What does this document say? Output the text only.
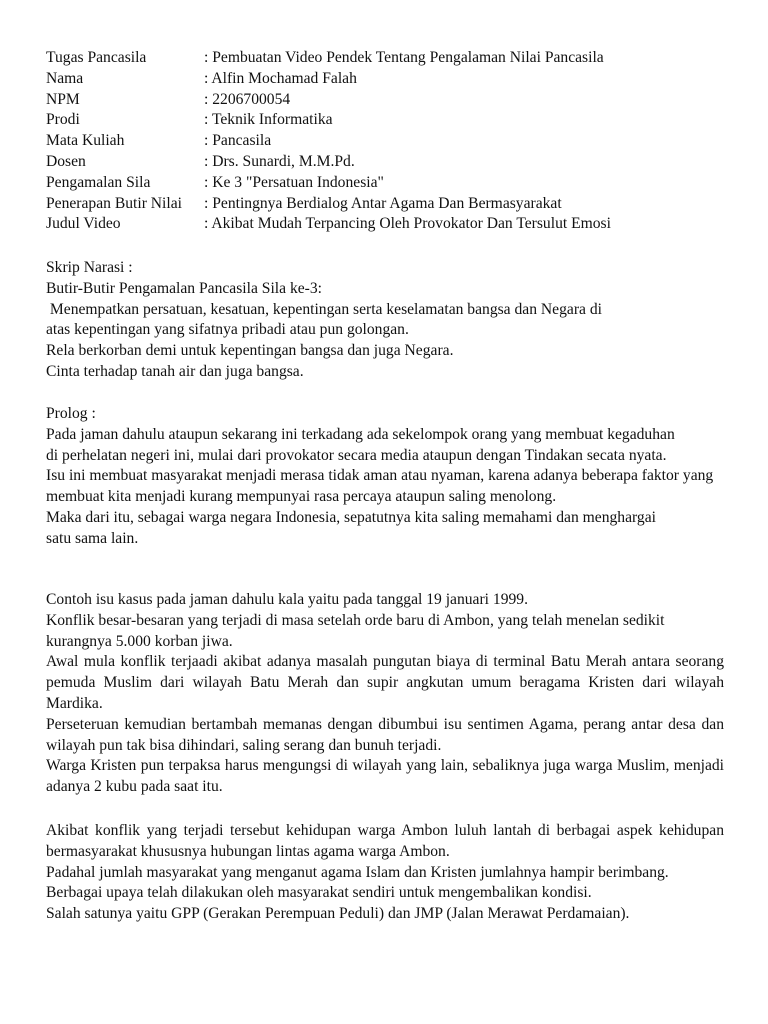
Tugas Pancasila	: Pembuatan Video Pendek Tentang Pengalaman Nilai Pancasila
Nama	: Alfin Mochamad Falah
NPM	: 2206700054
Prodi	: Teknik Informatika
Mata Kuliah	: Pancasila
Dosen	: Drs. Sunardi, M.M.Pd.
Pengamalan Sila	: Ke 3 "Persatuan Indonesia"
Penerapan Butir Nilai	: Pentingnya Berdialog Antar Agama Dan Bermasyarakat
Judul Video	: Akibat Mudah Terpancing Oleh Provokator Dan Tersulut Emosi

Skrip Narasi :

Butir-Butir Pengamalan Pancasila Sila ke-3:

Menempatkan persatuan, kesatuan, kepentingan serta keselamatan bangsa dan Negara di atas kepentingan yang sifatnya pribadi atau pun golongan.

Rela berkorban demi untuk kepentingan bangsa dan juga Negara.

Cinta terhadap tanah air dan juga bangsa.

Prolog :

Pada jaman dahulu ataupun sekarang ini terkadang ada sekelompok orang yang membuat kegaduhan di perhelatan negeri ini, mulai dari provokator secara media ataupun dengan Tindakan secata nyata.

Isu ini membuat masyarakat menjadi merasa tidak aman atau nyaman, karena adanya beberapa faktor yang membuat kita menjadi kurang mempunyai rasa percaya ataupun saling menolong.

Maka dari itu, sebagai warga negara Indonesia, sepatutnya kita saling memahami dan menghargai satu sama lain.

Contoh isu kasus pada jaman dahulu kala yaitu pada tanggal 19 januari 1999.

Konflik besar-besaran yang terjadi di masa setelah orde baru di Ambon, yang telah menelan sedikit kurangnya 5.000 korban jiwa.

Awal mula konflik terjaadi akibat adanya masalah pungutan biaya di terminal Batu Merah antara seorang pemuda Muslim dari wilayah Batu Merah dan supir angkutan umum beragama Kristen dari wilayah Mardika.

Perseteruan kemudian bertambah memanas dengan dibumbui isu sentimen Agama, perang antar desa dan wilayah pun tak bisa dihindari, saling serang dan bunuh terjadi.

Warga Kristen pun terpaksa harus mengungsi di wilayah yang lain, sebaliknya juga warga Muslim, menjadi adanya 2 kubu pada saat itu.

Akibat konflik yang terjadi tersebut kehidupan warga Ambon luluh lantah di berbagai aspek kehidupan bermasyarakat khususnya hubungan lintas agama warga Ambon.

Padahal jumlah masyarakat yang menganut agama Islam dan Kristen jumlahnya hampir berimbang.

Berbagai upaya telah dilakukan oleh masyarakat sendiri untuk mengembalikan kondisi.

Salah satunya yaitu GPP (Gerakan Perempuan Peduli) dan JMP (Jalan Merawat Perdamaian).
